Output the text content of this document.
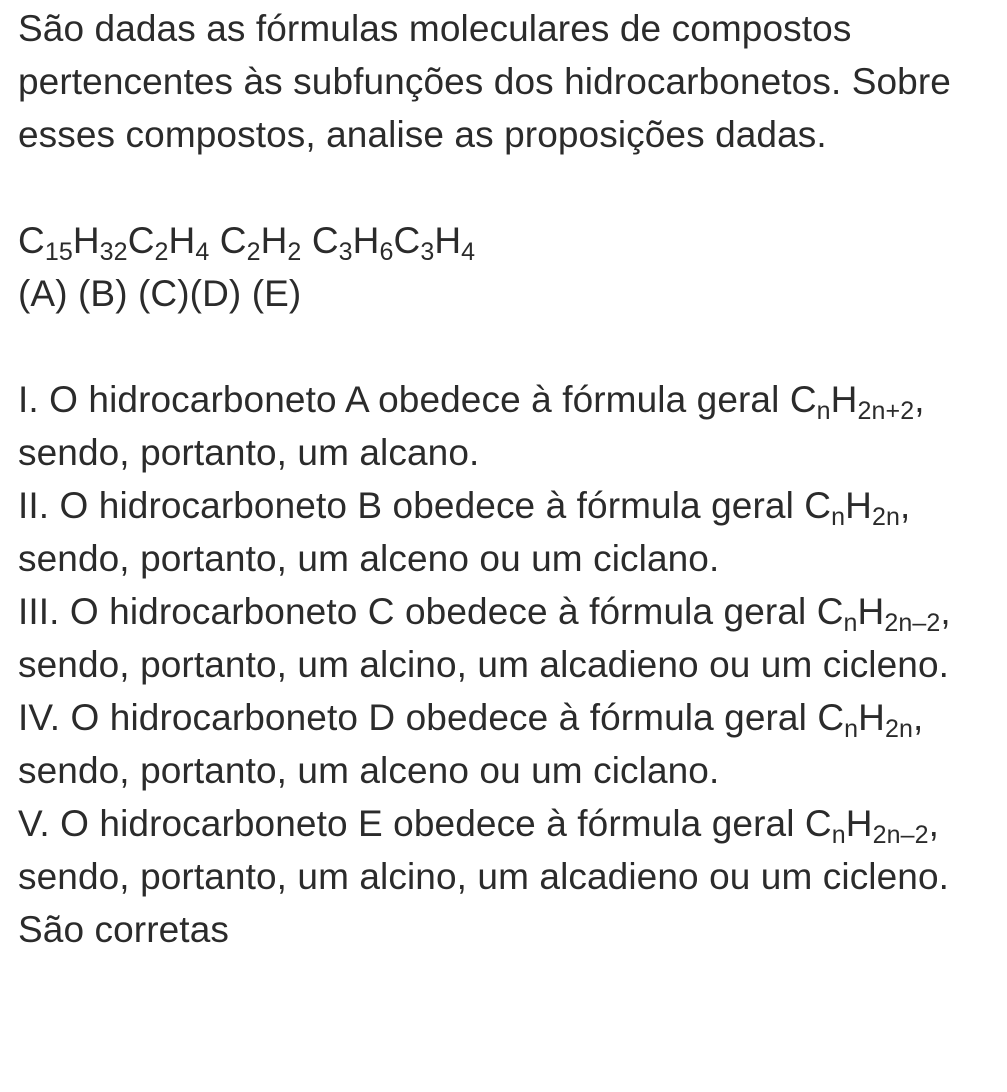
São dadas as fórmulas moleculares de compostos pertencentes às subfunções dos hidrocarbonetos. Sobre esses compostos, analise as proposições dadas.

C15H32C2H4 C2H2 C3H6C3H4
(A) (B) (C)(D) (E)
I. O hidrocarboneto A obedece à fórmula geral CnH2n+2, sendo, portanto, um alcano.
II. O hidrocarboneto B obedece à fórmula geral CnH2n, sendo, portanto, um alceno ou um ciclano.
III. O hidrocarboneto C obedece à fórmula geral CnH2n–2, sendo, portanto, um alcino, um alcadieno ou um cicleno.
IV. O hidrocarboneto D obedece à fórmula geral CnH2n, sendo, portanto, um alceno ou um ciclano.
V. O hidrocarboneto E obedece à fórmula geral CnH2n–2, sendo, portanto, um alcino, um alcadieno ou um cicleno.
São corretas
